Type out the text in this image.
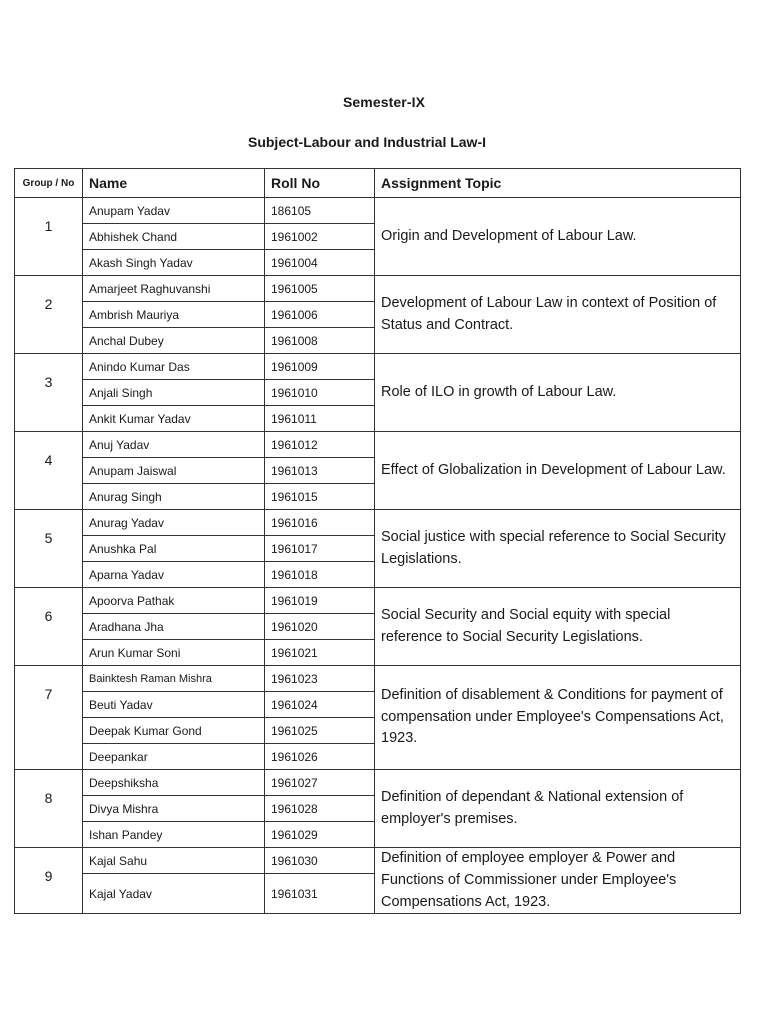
Semester-IX
Subject-Labour and Industrial Law-I
Group / No	Name	Roll No	Assignment Topic
1	Anupam Yadav	186105	Origin and Development of Labour Law.
	Abhishek Chand	1961002	
	Akash Singh Yadav	1961004	
2	Amarjeet Raghuvanshi	1961005	Development of Labour Law in context of Position of Status and Contract.
	Ambrish Mauriya	1961006	
	Anchal Dubey	1961008	
3	Anindo Kumar Das	1961009	Role of ILO in growth of Labour Law.
	Anjali Singh	1961010	
	Ankit Kumar Yadav	1961011	
4	Anuj Yadav	1961012	Effect of Globalization in Development of Labour Law.
	Anupam Jaiswal	1961013	
	Anurag Singh	1961015	
5	Anurag Yadav	1961016	Social justice with special reference to Social Security Legislations.
	Anushka Pal	1961017	
	Aparna Yadav	1961018	
6	Apoorva Pathak	1961019	Social Security and Social equity with special reference to Social Security Legislations.
	Aradhana Jha	1961020	
	Arun Kumar Soni	1961021	
7	Bainktesh Raman Mishra	1961023	Definition of disablement & Conditions for payment of compensation under Employee's Compensations Act, 1923.
	Beuti Yadav	1961024	
	Deepak Kumar Gond	1961025	
	Deepankar	1961026	
8	Deepshiksha	1961027	Definition of dependant & National extension of employer's premises.
	Divya Mishra	1961028	
	Ishan Pandey	1961029	
9	Kajal Sahu	1961030	Definition of employee employer & Power and Functions of Commissioner under Employee's Compensations Act, 1923.
	Kajal Yadav	1961031	
